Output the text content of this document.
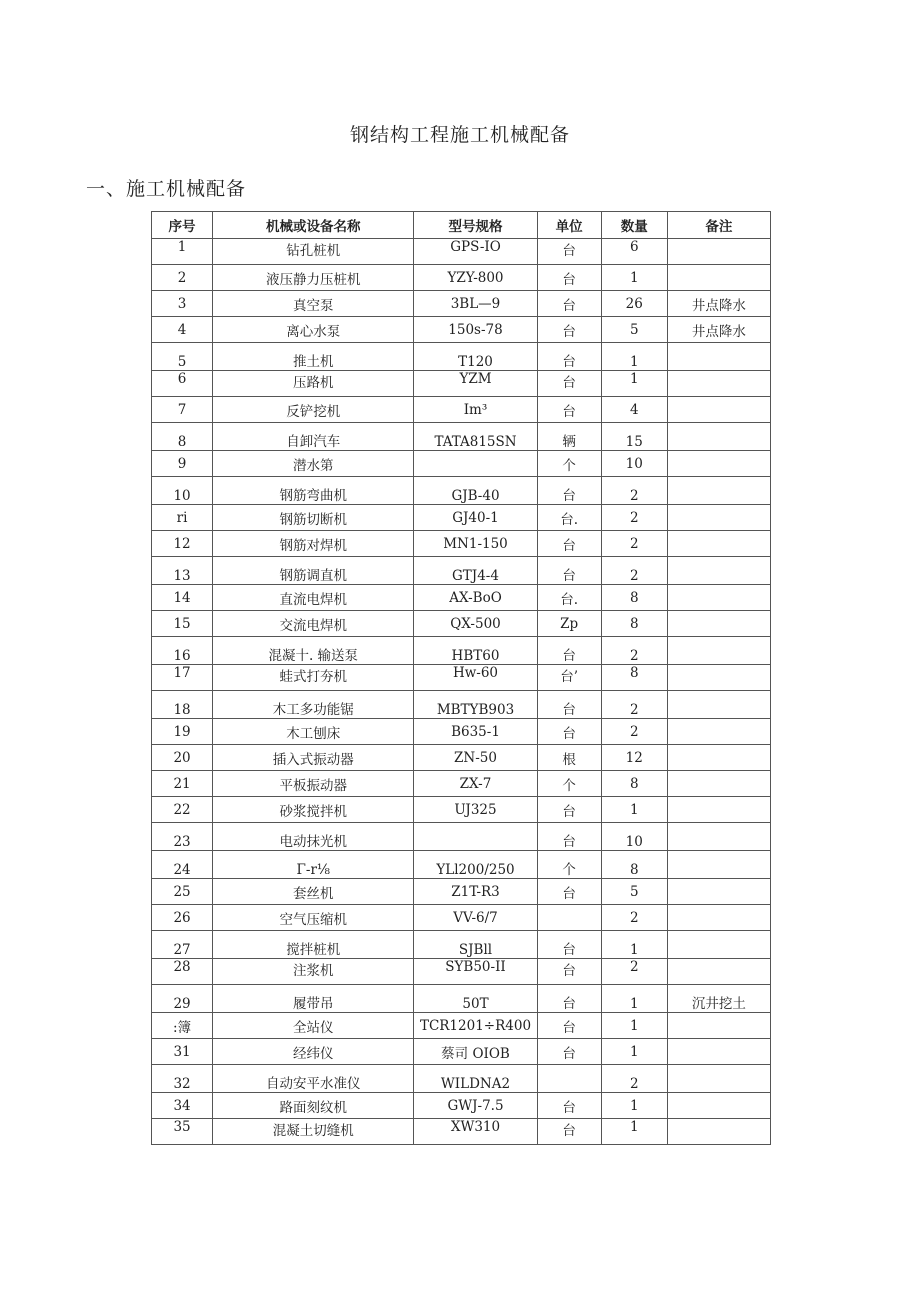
钢结构工程施工机械配备
一、施工机械配备
序号	机械或设备名称	型号规格	单位	数量	备注
1	钻孔桩机	GPS-IO	台	6	
2	液压静力压桩机	YZY-800	台	1	
3	真空泵	3BL—9	台	26	井点降水
4	离心水泵	150s-78	台	5	井点降水
5	推土机	T120	台	1	
6	压路机	YZM	台	1	
7	反铲挖机	Im³	台	4	
8	自卸汽车	TATA815SN	辆	15	
9	潜水第		个	10	
10	钢筋弯曲机	GJB-40	台	2	
ri	钢筋切断机	GJ40-1	台.	2	
12	钢筋对焊机	MN1-150	台	2	
13	钢筋调直机	GTJ4-4	台	2	
14	直流电焊机	AX-BoO	台.	8	
15	交流电焊机	QX-500	Zp	8	
16	混凝十. 输送泵	HBT60	台	2	
17	蛙式打夯机	Hw-60	台’	8	
18	木工多功能锯	MBTYB903	台	2	
19	木工刨床	B635-1	台	2	
20	插入式振动器	ZN-50	根	12	
21	平板振动器	ZX-7	个	8	
22	砂浆搅拌机	UJ325	台	1	
23	电动抹光机		台	10	
24	Γ-r⅛	YLl200/250	个	8	
25	套丝机	Z1T-R3	台	5	
26	空气压缩机	VV-6/7		2	
27	搅拌桩机	SJBll	台	1	
28	注浆机	SYB50-II	台	2	
29	履带吊	50T	台	1	沉井挖土
:簿	全站仪	TCR1201÷R400	台	1	
31	经纬仪	蔡司 OIOB	台	1	
32	自动安平水准仪	WILDNA2		2	
34	路面刻纹机	GWJ-7.5	台	1	
35	混凝土切缝机	XW310	台	1	
